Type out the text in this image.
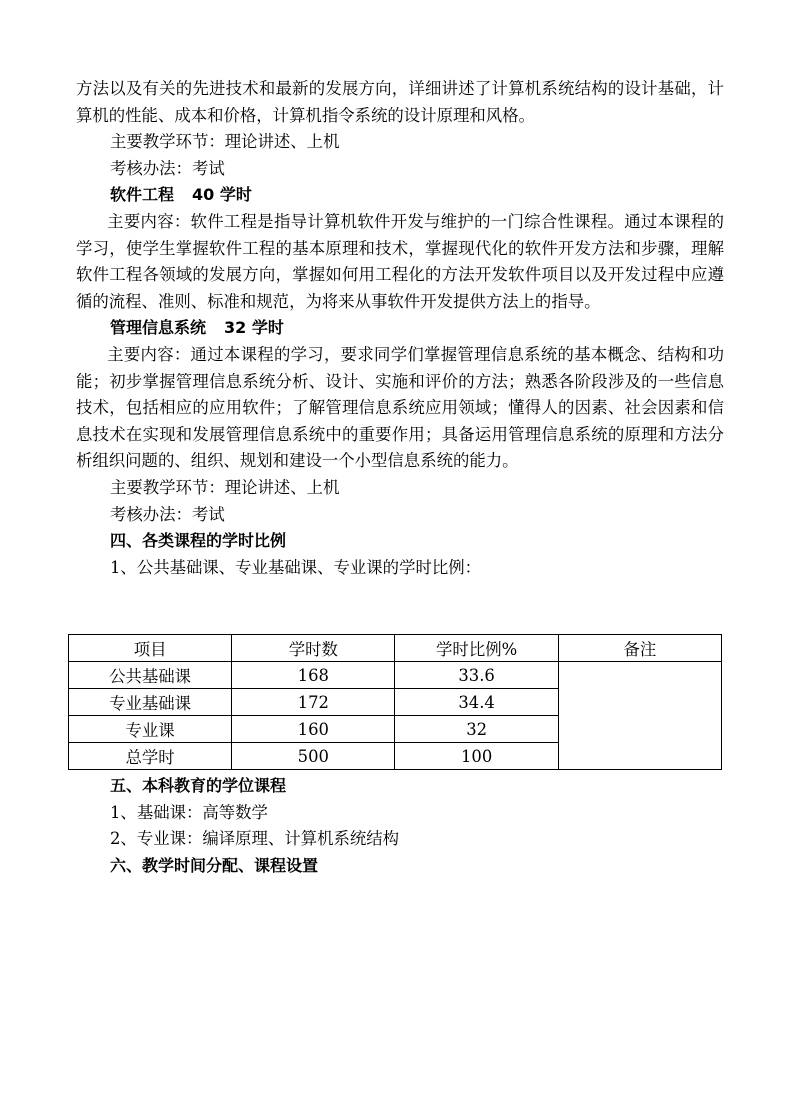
方法以及有关的先进技术和最新的发展方向，详细讲述了计算机系统结构的设计基础，计算机的性能、成本和价格，计算机指令系统的设计原理和风格。

主要教学环节：理论讲述、上机

考核办法：考试

软件工程 40 学时

主要内容：软件工程是指导计算机软件开发与维护的一门综合性课程。通过本课程的学习，使学生掌握软件工程的基本原理和技术，掌握现代化的软件开发方法和步骤，理解软件工程各领域的发展方向，掌握如何用工程化的方法开发软件项目以及开发过程中应遵循的流程、准则、标准和规范，为将来从事软件开发提供方法上的指导。

管理信息系统 32 学时

主要内容：通过本课程的学习，要求同学们掌握管理信息系统的基本概念、结构和功能；初步掌握管理信息系统分析、设计、实施和评价的方法；熟悉各阶段涉及的一些信息技术，包括相应的应用软件；了解管理信息系统应用领域；懂得人的因素、社会因素和信息技术在实现和发展管理信息系统中的重要作用；具备运用管理信息系统的原理和方法分析组织问题的、组织、规划和建设一个小型信息系统的能力。

主要教学环节：理论讲述、上机

考核办法：考试

四、各类课程的学时比例

1、公共基础课、专业基础课、专业课的学时比例：

项目	学时数	学时比例%	备注
公共基础课	168	33.6	
专业基础课	172	34.4	
专业课	160	32	
总学时	500	100	

五、本科教育的学位课程

1、基础课：高等数学

2、专业课：编译原理、计算机系统结构

六、教学时间分配、课程设置
